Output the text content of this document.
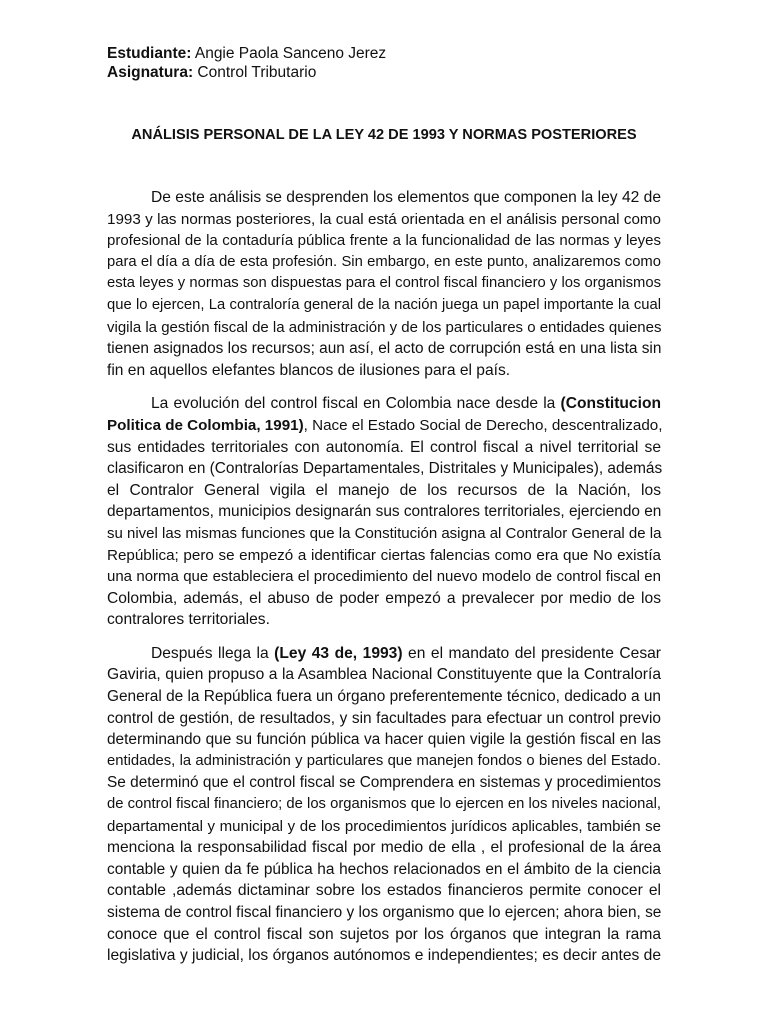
Estudiante: Angie Paola Sanceno Jerez
Asignatura: Control Tributario
ANÁLISIS PERSONAL DE LA LEY 42 DE 1993 Y NORMAS POSTERIORES
De este análisis se desprenden los elementos que componen la ley 42 de
1993 y las normas posteriores, la cual está orientada en el análisis personal como
profesional de la contaduría pública frente a la funcionalidad de las normas y leyes
para el día a día de esta profesión. Sin embargo, en este punto, analizaremos como
esta leyes y normas son dispuestas para el control fiscal financiero y los organismos
que lo ejercen, La contraloría general de la nación juega un papel importante la cual
vigila la gestión fiscal de la administración y de los particulares o entidades quienes
tienen asignados los recursos; aun así, el acto de corrupción está en una lista sin
fin en aquellos elefantes blancos de ilusiones para el país.
La evolución del control fiscal en Colombia nace desde la (Constitucion
Politica de Colombia, 1991), Nace el Estado Social de Derecho, descentralizado,
sus entidades territoriales con autonomía. El control fiscal a nivel territorial se
clasificaron en (Contralorías Departamentales, Distritales y Municipales), además
el Contralor General vigila el manejo de los recursos de la Nación, los
departamentos, municipios designarán sus contralores territoriales, ejerciendo en
su nivel las mismas funciones que la Constitución asigna al Contralor General de la
República; pero se empezó a identificar ciertas falencias como era que No existía
una norma que estableciera el procedimiento del nuevo modelo de control fiscal en
Colombia, además, el abuso de poder empezó a prevalecer por medio de los
contralores territoriales.
Después llega la (Ley 43 de, 1993) en el mandato del presidente Cesar
Gaviria, quien propuso a la Asamblea Nacional Constituyente que la Contraloría
General de la República fuera un órgano preferentemente técnico, dedicado a un
control de gestión, de resultados, y sin facultades para efectuar un control previo
determinando que su función pública va hacer quien vigile la gestión fiscal en las
entidades, la administración y particulares que manejen fondos o bienes del Estado.
Se determinó que el control fiscal se Comprendera en sistemas y procedimientos
de control fiscal financiero; de los organismos que lo ejercen en los niveles nacional,
departamental y municipal y de los procedimientos jurídicos aplicables, también se
menciona la responsabilidad fiscal por medio de ella , el profesional de la área
contable y quien da fe pública ha hechos relacionados en el ámbito de la ciencia
contable ,además dictaminar sobre los estados financieros permite conocer el
sistema de control fiscal financiero y los organismo que lo ejercen; ahora bien, se
conoce que el control fiscal son sujetos por los órganos que integran la rama
legislativa y judicial, los órganos autónomos e independientes; es decir antes de
